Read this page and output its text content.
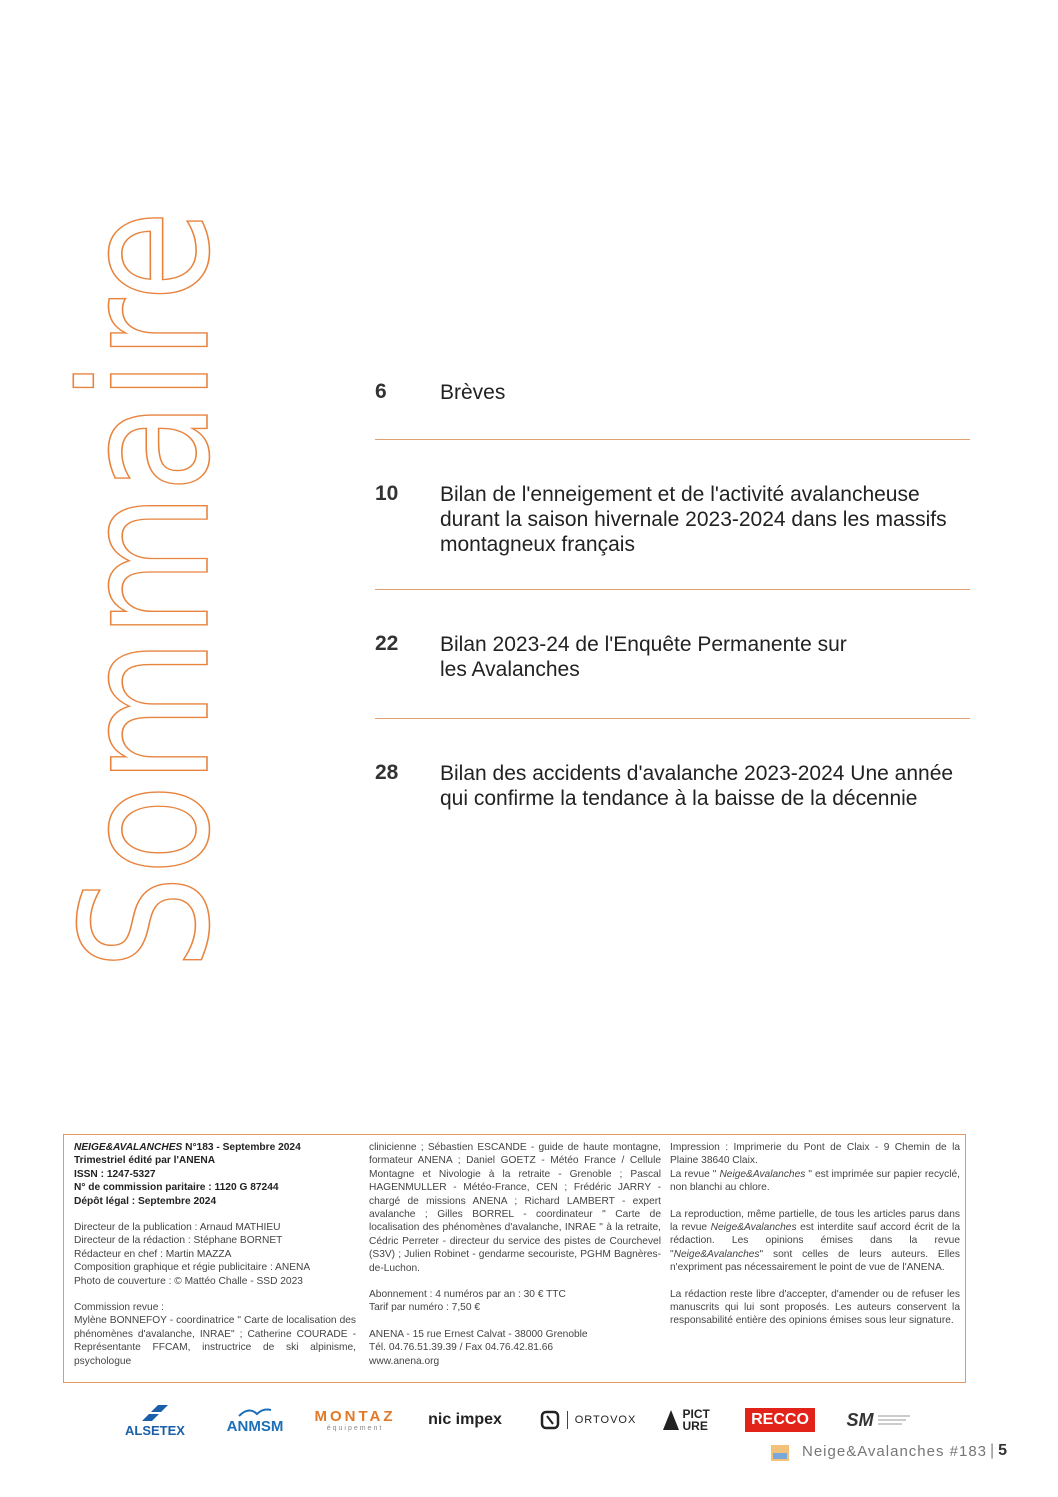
Sommaire	6	Brèves
10	Bilan de l'enneigement et de l'activité avalancheuse durant la saison hivernale 2023-2024 dans les massifs montagneux français
22	Bilan 2023-24 de l'Enquête Permanente sur les Avalanches
28	Bilan des accidents d'avalanche 2023-2024 Une année qui confirme la tendance à la baisse de la décennie

NEIGE&AVALANCHES N°183 - Septembre 2024

Trimestriel édité par l'ANENA

ISSN : 1247-5327

N° de commission paritaire : 1120 G 87244

Dépôt légal : Septembre 2024

Directeur de la publication : Arnaud MATHIEU

Directeur de la rédaction : Stéphane BORNET

Rédacteur en chef : Martin MAZZA

Composition graphique et régie publicitaire : ANENA

Photo de couverture : © Mattéo Challe - SSD 2023

Commission revue :

Mylène BONNEFOY - coordinatrice " Carte de localisation des phénomènes d'avalanche, INRAE" ; Catherine COURADE - Représentante FFCAM, instructrice de ski alpinisme, psychologue

clinicienne ; Sébastien ESCANDE - guide de haute montagne, formateur ANENA ; Daniel GOETZ - Météo France / Cellule Montagne et Nivologie à la retraite - Grenoble ; Pascal HAGENMULLER - Météo-France, CEN ; Frédéric JARRY - chargé de missions ANENA ; Richard LAMBERT - expert avalanche ; Gilles BORREL - coordinateur " Carte de localisation des phénomènes d'avalanche, INRAE " à la retraite, Cédric Perreter - directeur du service des pistes de Courchevel (S3V) ; Julien Robinet - gendarme secouriste, PGHM Bagnères-de-Luchon.

Abonnement : 4 numéros par an : 30 € TTC

Tarif par numéro : 7,50 €

ANENA - 15 rue Ernest Calvat - 38000 Grenoble

Tél. 04.76.51.39.39 / Fax 04.76.42.81.66

www.anena.org

Impression : Imprimerie du Pont de Claix - 9 Chemin de la Plaine 38640 Claix.

La revue " Neige&Avalanches " est imprimée sur papier recyclé, non blanchi au chlore.

La reproduction, même partielle, de tous les articles parus dans la revue Neige&Avalanches est interdite sauf accord écrit de la rédaction. Les opinions émises dans la revue "Neige&Avalanches" sont celles de leurs auteurs. Elles n'expriment pas nécessairement le point de vue de l'ANENA.

La rédaction reste libre d'accepter, d'amender ou de refuser les manuscrits qui lui sont proposés. Les auteurs conservent la responsabilité entière des opinions émises sous leur signature.

ALSETEX	ANMSM
MONTAZ
équipement
nic impex	ORTOVOX	PICT URE	RECCO	SM
Neige&Avalanches #183 | 5
